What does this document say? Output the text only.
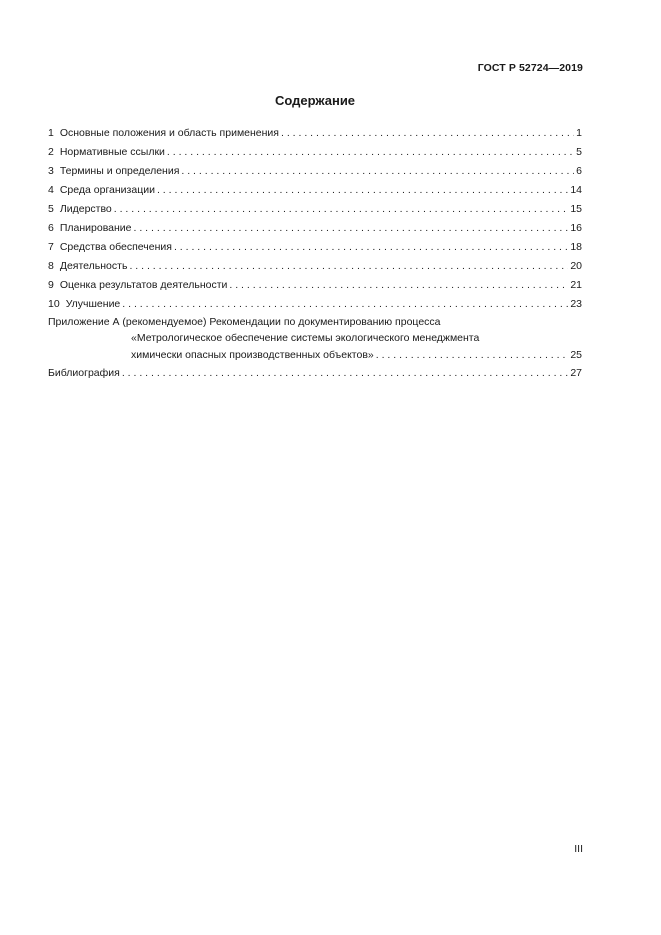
ГОСТ Р 52724—2019
Содержание
1 Основные положения и область применения . . .	1
2 Нормативные ссылки . . .	5
3 Термины и определения . . .	6
4 Среда организации . . .	14
5 Лидерство . . .	15
6 Планирование . . .	16
7 Средства обеспечения . . .	18
8 Деятельность . . .	20
9 Оценка результатов деятельности . . .	21
10 Улучшение . . .	23
Приложение А (рекомендуемое) Рекомендации по документированию процесса
«Метрологическое обеспечение системы экологического менеджмента
химически опасных производственных объектов» . . .	25
Библиография . . .	27
III
